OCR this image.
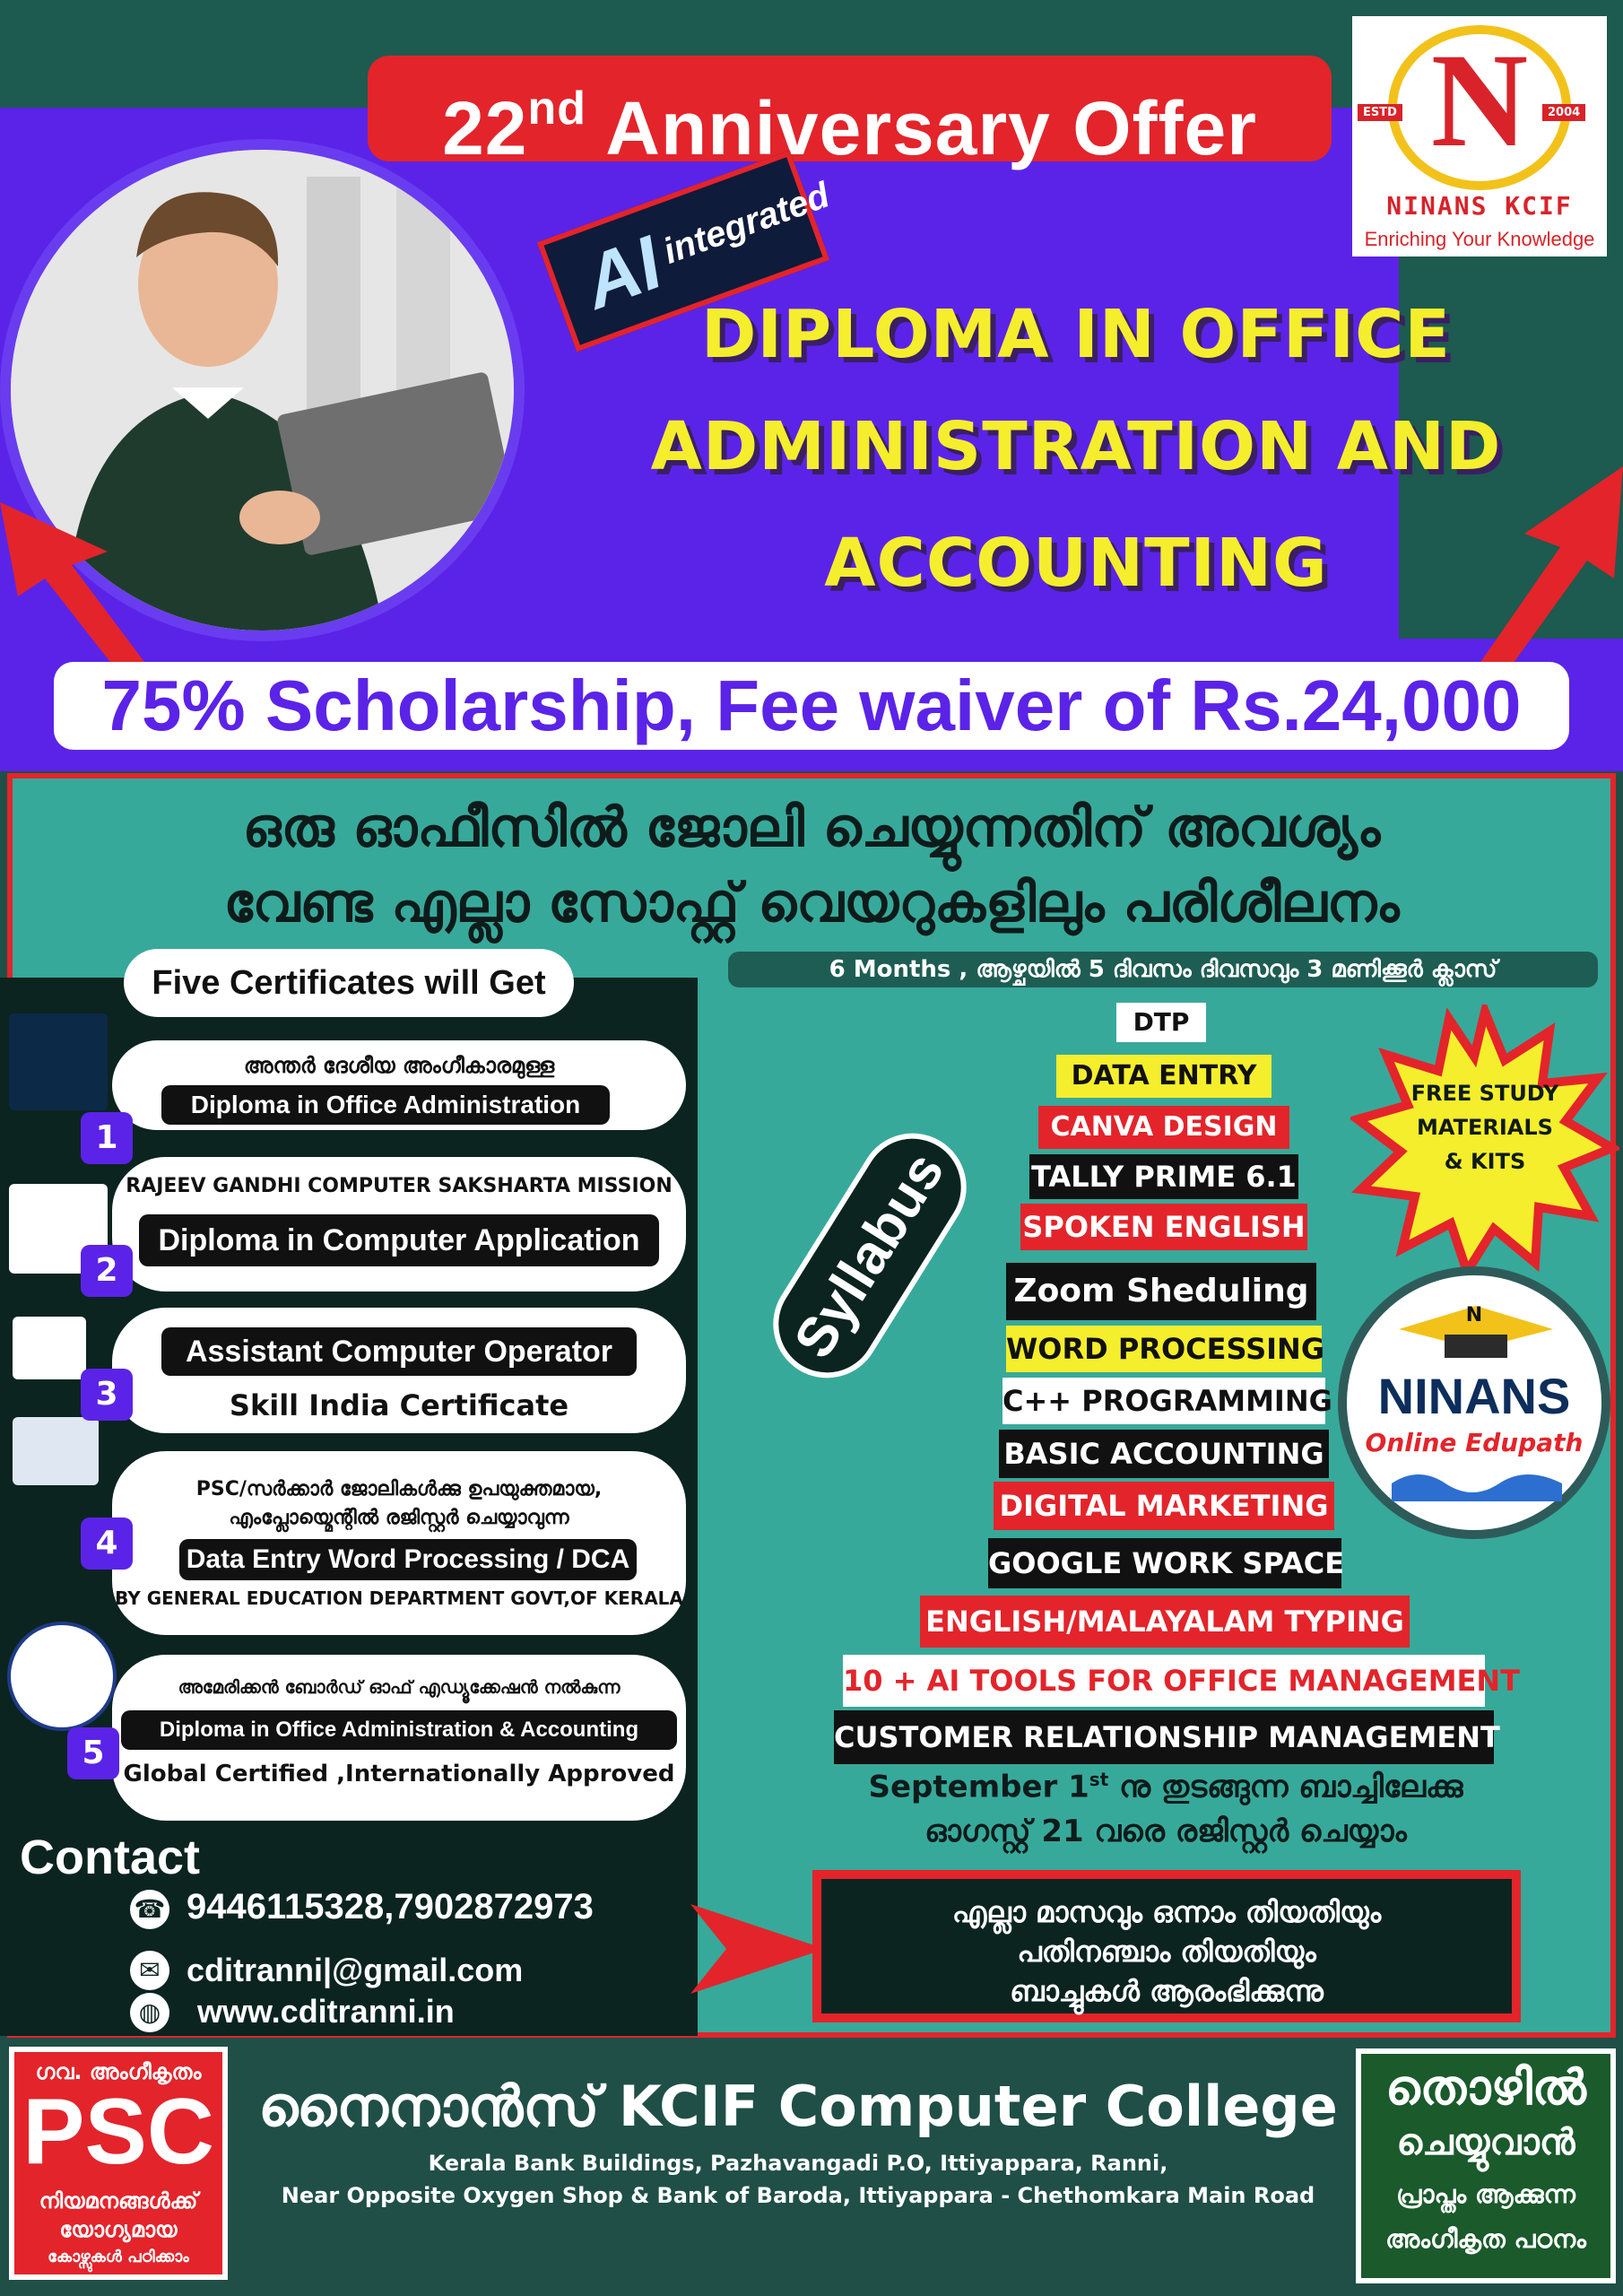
22nd Anniversary Offer	N
ESTD	2004
NINANS KCIF
Enriching Your Knowledge
AI
integrated
DIPLOMA IN OFFICE
ADMINISTRATION AND
ACCOUNTING
75% Scholarship, Fee waiver of Rs.24,000
ഒരു ഓഫീസിൽ ജോലി ചെയ്യുന്നതിന് അവശ്യം
വേണ്ട എല്ലാ സോഫ്റ്റ് വെയറുകളിലും പരിശീലനം
Five Certificates will Get	6 Months , ആഴ്ചയിൽ 5 ദിവസം ദിവസവും 3 മണിക്കൂർ ക്ലാസ്
അന്തർ ദേശീയ അംഗീകാരമുള്ള
Diploma in Office Administration
1
RAJEEV GANDHI COMPUTER SAKSHARTA MISSION
Diploma in Computer Application
2
Assistant Computer Operator
Skill India Certificate
3
PSC/സർക്കാർ ജോലികൾക്കു ഉപയുക്തമായ,
എംപ്ലോയ്മെന്റിൽ രജിസ്റ്റർ ചെയ്യാവുന്ന
Data Entry Word Processing / DCA
BY GENERAL EDUCATION DEPARTMENT GOVT,OF KERALA
4
അമേരിക്കൻ ബോർഡ് ഓഫ് എഡ്യൂക്കേഷൻ നൽകുന്ന
Diploma in Office Administration & Accounting
Global Certified ,Internationally Approved
5
Syllabus
DTP
DATA ENTRY
CANVA DESIGN
TALLY PRIME 6.1
SPOKEN ENGLISH
Zoom Sheduling
WORD PROCESSING
C++ PROGRAMMING
BASIC ACCOUNTING
DIGITAL MARKETING
GOOGLE WORK SPACE
ENGLISH/MALAYALAM TYPING
10 + AI TOOLS FOR OFFICE MANAGEMENT
CUSTOMER RELATIONSHIP MANAGEMENT
FREE STUDY
MATERIALS
& KITS
N
NINANS
Online Edupath
September 1st നു തുടങ്ങുന്ന ബാച്ചിലേക്കു
ഓഗസ്റ്റ് 21 വരെ രജിസ്റ്റർ ചെയ്യാം
എല്ലാ മാസവും ഒന്നാം തിയതിയും
പതിനഞ്ചാം തിയതിയും
ബാച്ചുകൾ ആരംഭിക്കുന്നു
Contact
☎ 9446115328,7902872973
✉ cditranni|@gmail.com
◍ www.cditranni.in
ഗവ. അംഗീകൃതം
PSC
നിയമനങ്ങൾക്ക്
യോഗ്യമായ
കോഴ്സുകൾ പഠിക്കാം
നൈനാൻസ് KCIF Computer College
Kerala Bank Buildings, Pazhavangadi P.O, Ittiyappara, Ranni,
Near Opposite Oxygen Shop & Bank of Baroda, Ittiyappara - Chethomkara Main Road
തൊഴിൽ
ചെയ്യുവാൻ
പ്രാപ്തം ആക്കുന്ന
അംഗീകൃത പഠനം
